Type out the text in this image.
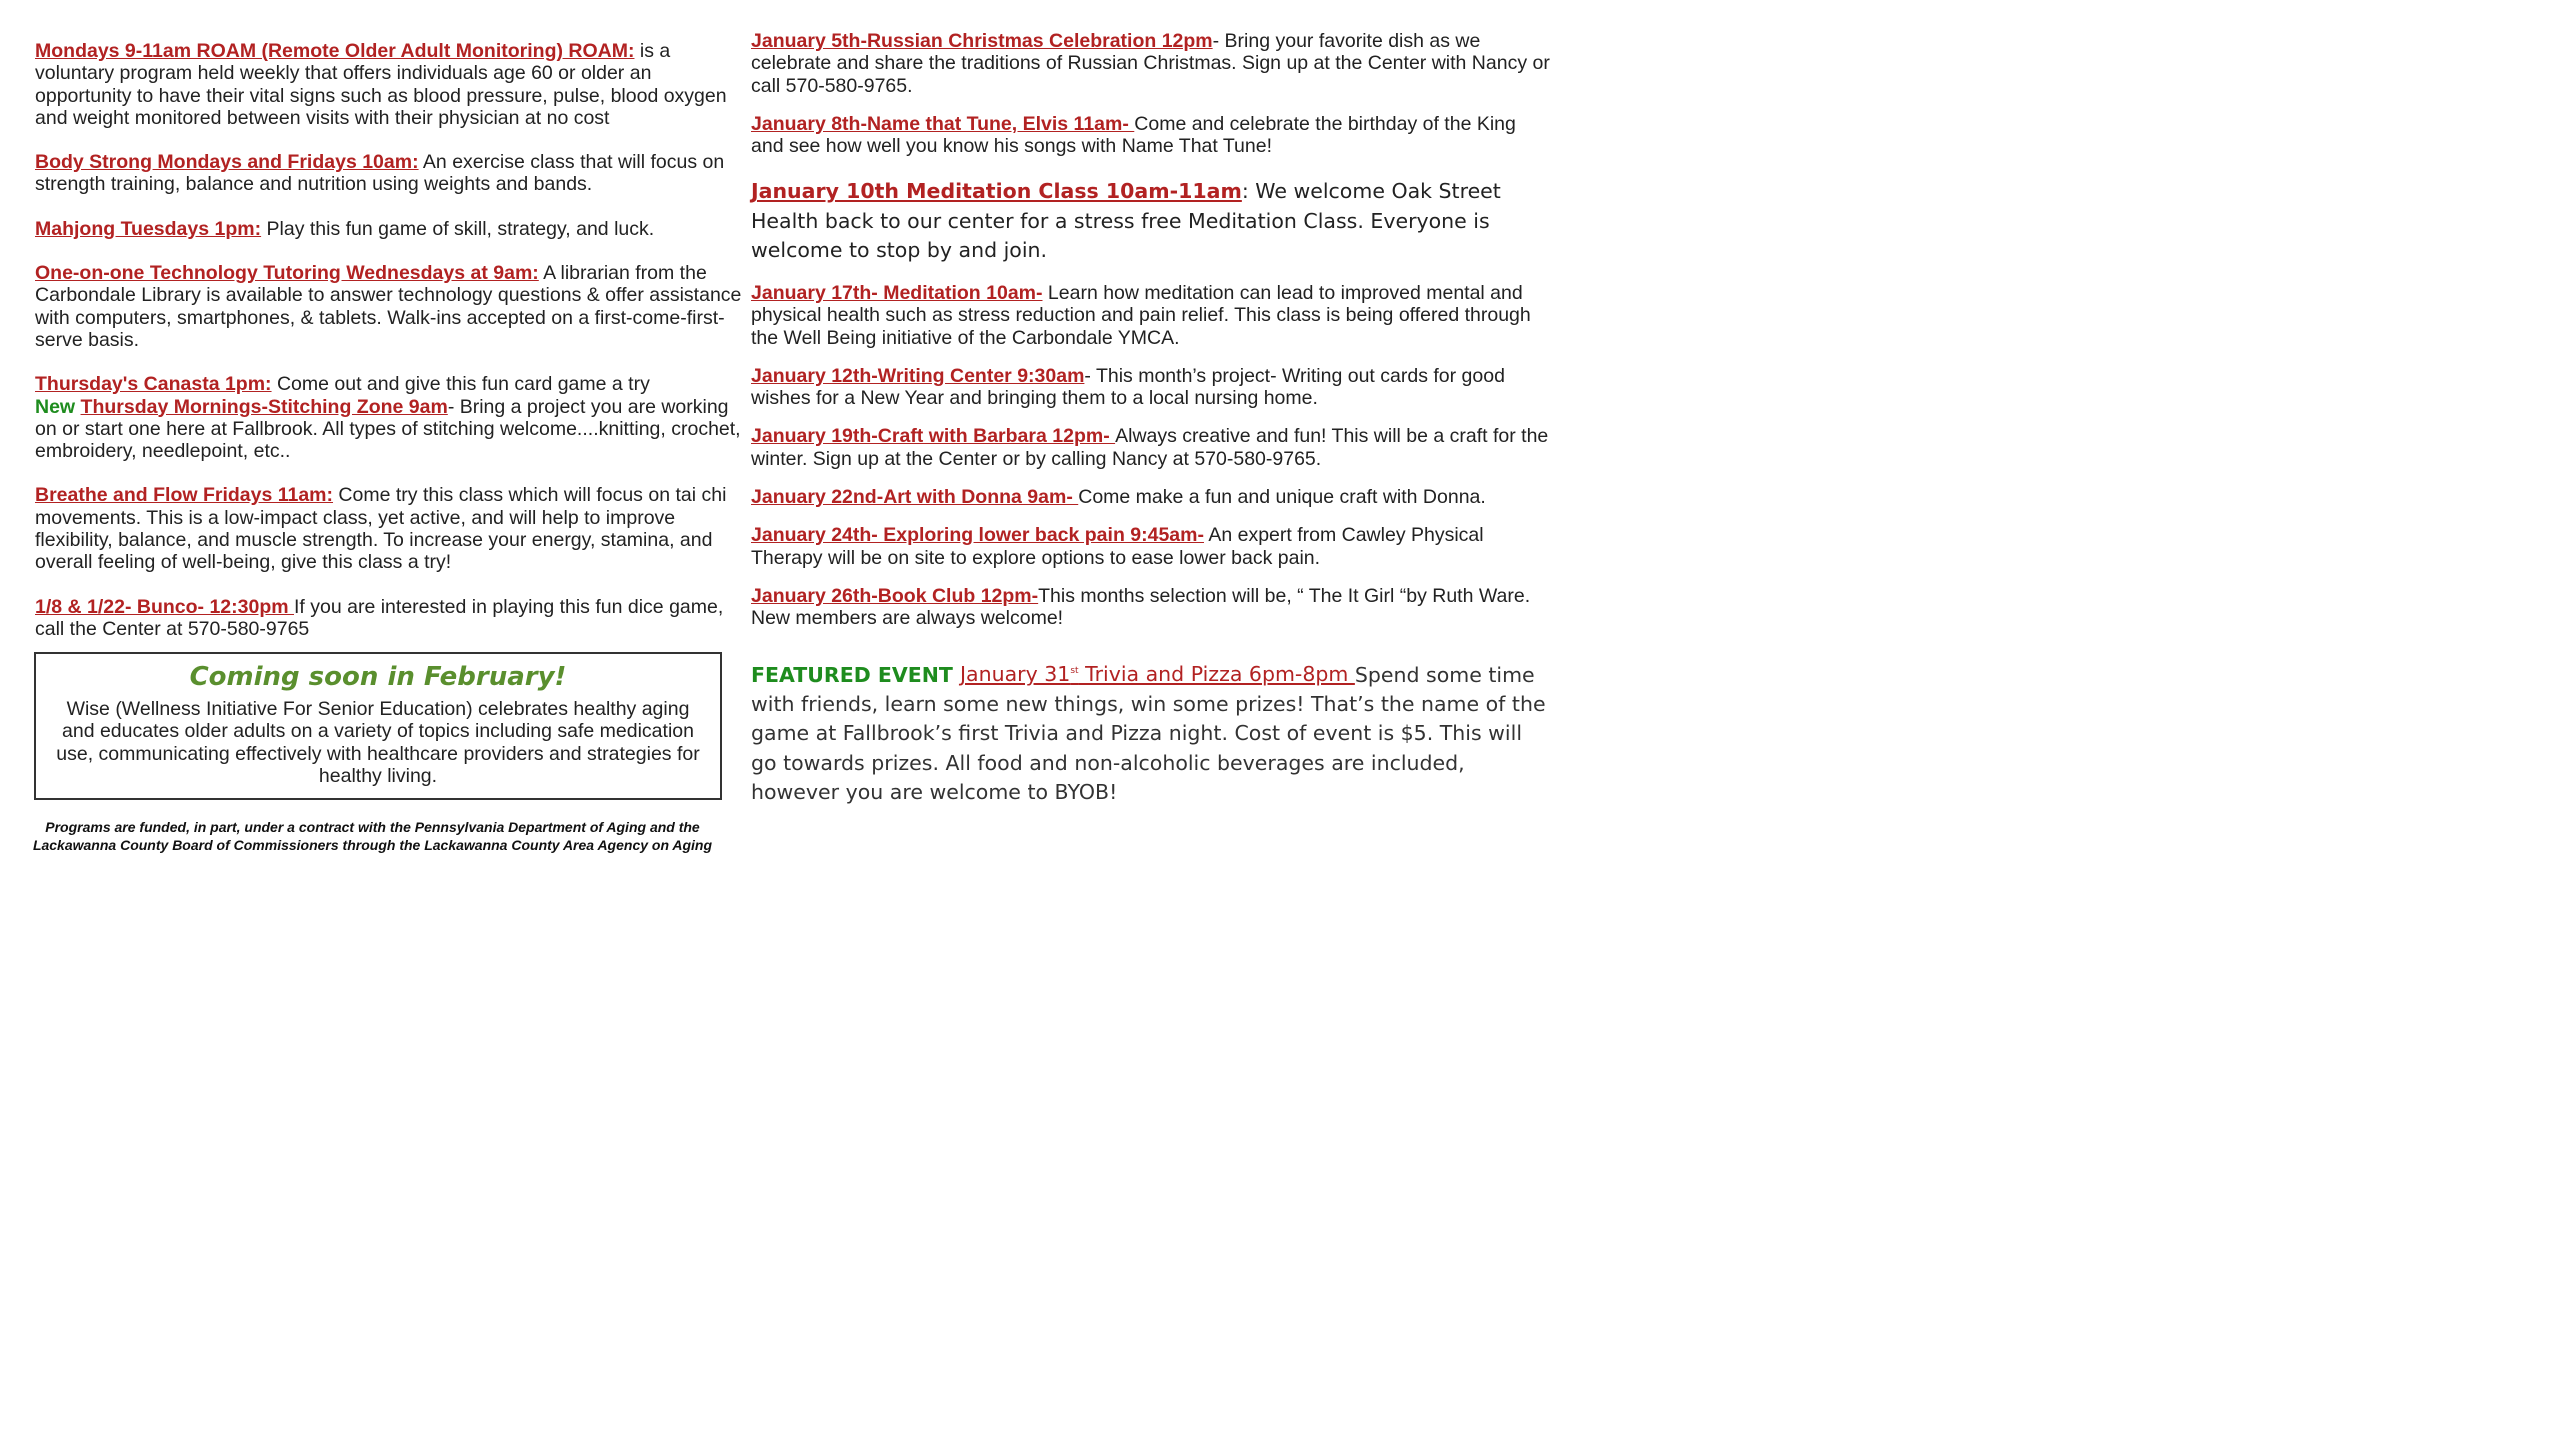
Mondays 9-11am ROAM (Remote Older Adult Monitoring) ROAM: is a voluntary program held weekly that offers individuals age 60 or older an opportunity to have their vital signs such as blood pressure, pulse, blood oxygen and weight monitored between visits with their physician at no cost

Body Strong Mondays and Fridays 10am: An exercise class that will focus on strength training, balance and nutrition using weights and bands.

Mahjong Tuesdays 1pm: Play this fun game of skill, strategy, and luck.

One-on-one Technology Tutoring Wednesdays at 9am: A librarian from the Carbondale Library is available to answer technology questions & offer assistance with computers, smartphones, & tablets. Walk-ins accepted on a first-come-first-serve basis.

Thursday's Canasta 1pm: Come out and give this fun card game a try

New Thursday Mornings-Stitching Zone 9am- Bring a project you are working on or start one here at Fallbrook. All types of stitching welcome....knitting, crochet, embroidery, needlepoint, etc..

Breathe and Flow Fridays 11am: Come try this class which will focus on tai chi movements. This is a low-impact class, yet active, and will help to improve flexibility, balance, and muscle strength. To increase your energy, stamina, and overall feeling of well-being, give this class a try!

1/8 & 1/22- Bunco- 12:30pm If you are interested in playing this fun dice game, call the Center at 570-580-9765

Coming soon in February!
Wise (Wellness Initiative For Senior Education) celebrates healthy aging and educates older adults on a variety of topics including safe medication use, communicating effectively with healthcare providers and strategies for healthy living.
Programs are funded, in part, under a contract with the Pennsylvania Department of Aging and the
Lackawanna County Board of Commissioners through the Lackawanna County Area Agency on Aging

January 5th-Russian Christmas Celebration 12pm- Bring your favorite dish as we celebrate and share the traditions of Russian Christmas. Sign up at the Center with Nancy or call 570-580-9765.

January 8th-Name that Tune, Elvis 11am- Come and celebrate the birthday of the King and see how well you know his songs with Name That Tune!

January 10th Meditation Class 10am-11am: We welcome Oak Street Health back to our center for a stress free Meditation Class. Everyone is welcome to stop by and join.

January 17th- Meditation 10am- Learn how meditation can lead to improved mental and physical health such as stress reduction and pain relief. This class is being offered through the Well Being initiative of the Carbondale YMCA.

January 12th-Writing Center 9:30am- This month’s project- Writing out cards for good wishes for a New Year and bringing them to a local nursing home.

January 19th-Craft with Barbara 12pm- Always creative and fun! This will be a craft for the winter. Sign up at the Center or by calling Nancy at 570-580-9765.

January 22nd-Art with Donna 9am- Come make a fun and unique craft with Donna.

January 24th- Exploring lower back pain 9:45am- An expert from Cawley Physical Therapy will be on site to explore options to ease lower back pain.

January 26th-Book Club 12pm-This months selection will be, “ The It Girl “by Ruth Ware. New members are always welcome!

FEATURED EVENT January 31st Trivia and Pizza 6pm-8pm Spend some time with friends, learn some new things, win some prizes! That’s the name of the game at Fallbrook’s first Trivia and Pizza night. Cost of event is $5. This will go towards prizes. All food and non-alcoholic beverages are included, however you are welcome to BYOB!
